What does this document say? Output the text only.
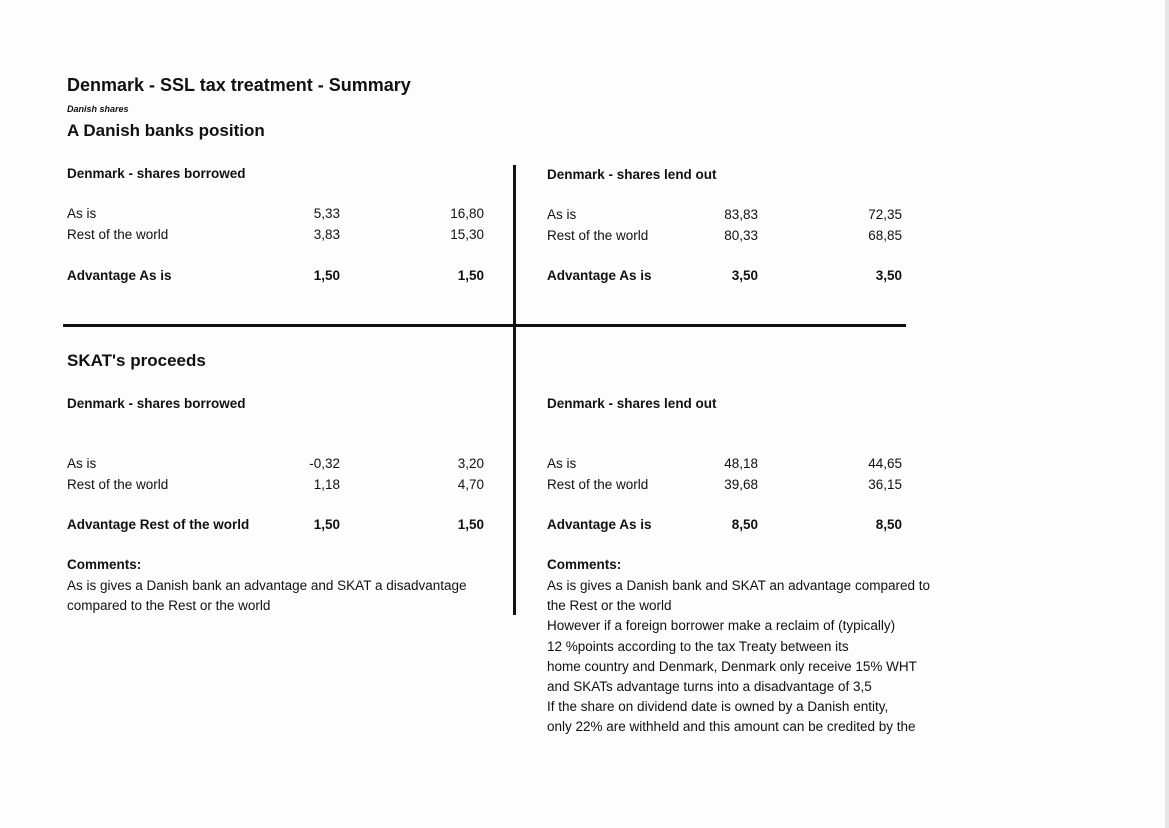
Denmark - SSL tax treatment - Summary
Danish shares
A Danish banks position
Denmark - shares borrowed
As is	5,33	16,80
Rest of the world	3,83	15,30
Advantage As is	1,50	1,50
Denmark - shares lend out
As is	83,83	72,35
Rest of the world	80,33	68,85
Advantage As is	3,50	3,50
SKAT's proceeds
Denmark - shares borrowed
As is	-0,32	3,20
Rest of the world	1,18	4,70
Advantage Rest of the world	1,50	1,50
Comments:
As is gives a Danish bank an advantage and SKAT a disadvantage
compared to the Rest or the world
Denmark - shares lend out
As is	48,18	44,65
Rest of the world	39,68	36,15
Advantage As is	8,50	8,50
Comments:
As is gives a Danish bank and SKAT an advantage compared to
the Rest or the world
However if a foreign borrower make a reclaim of (typically)
12 %points according to the tax Treaty between its
home country and Denmark, Denmark only receive 15% WHT
and SKATs advantage turns into a disadvantage of 3,5
If the share on dividend date is owned by a Danish entity,
only 22% are withheld and this amount can be credited by the
